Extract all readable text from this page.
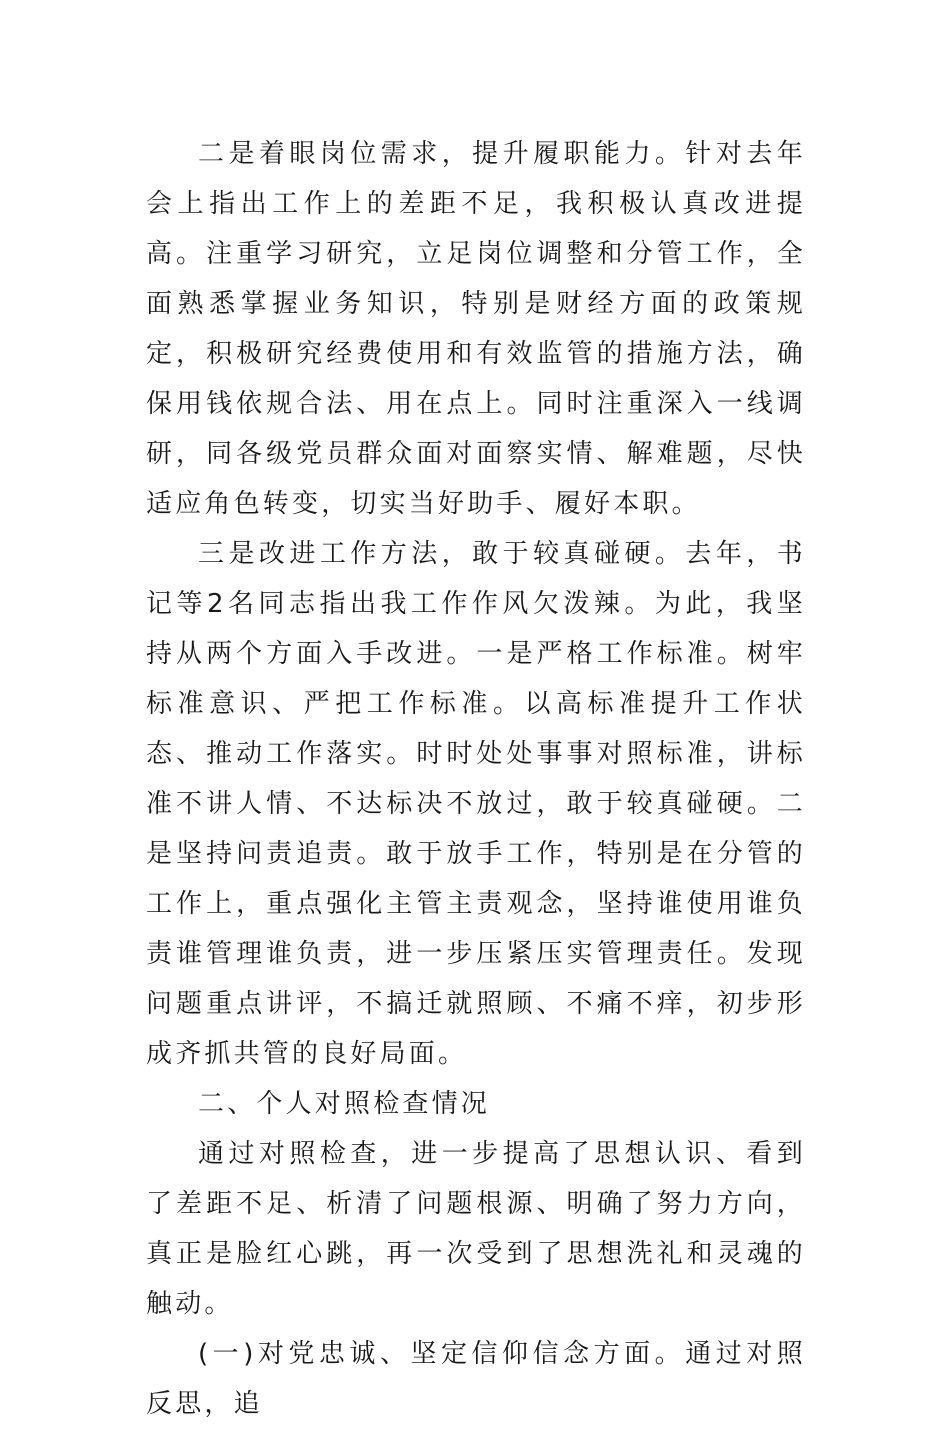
二是着眼岗位需求，提升履职能力。针对去年会上指出工作上的差距不足，我积极认真改进提高。注重学习研究，立足岗位调整和分管工作，全面熟悉掌握业务知识，特别是财经方面的政策规定，积极研究经费使用和有效监管的措施方法，确保用钱依规合法、用在点上。同时注重深入一线调研，同各级党员群众面对面察实情、解难题，尽快适应角色转变，切实当好助手、履好本职。

三是改进工作方法，敢于较真碰硬。去年，书记等2名同志指出我工作作风欠泼辣。为此，我坚持从两个方面入手改进。一是严格工作标准。树牢标准意识、严把工作标准。以高标准提升工作状态、推动工作落实。时时处处事事对照标准，讲标准不讲人情、不达标决不放过，敢于较真碰硬。二是坚持问责追责。敢于放手工作，特别是在分管的工作上，重点强化主管主责观念，坚持谁使用谁负责谁管理谁负责，进一步压紧压实管理责任。发现问题重点讲评，不搞迁就照顾、不痛不痒，初步形成齐抓共管的良好局面。

二、个人对照检查情况

通过对照检查，进一步提高了思想认识、看到了差距不足、析清了问题根源、明确了努力方向，真正是脸红心跳，再一次受到了思想洗礼和灵魂的触动。

(一)对党忠诚、坚定信仰信念方面。通过对照反思，追
